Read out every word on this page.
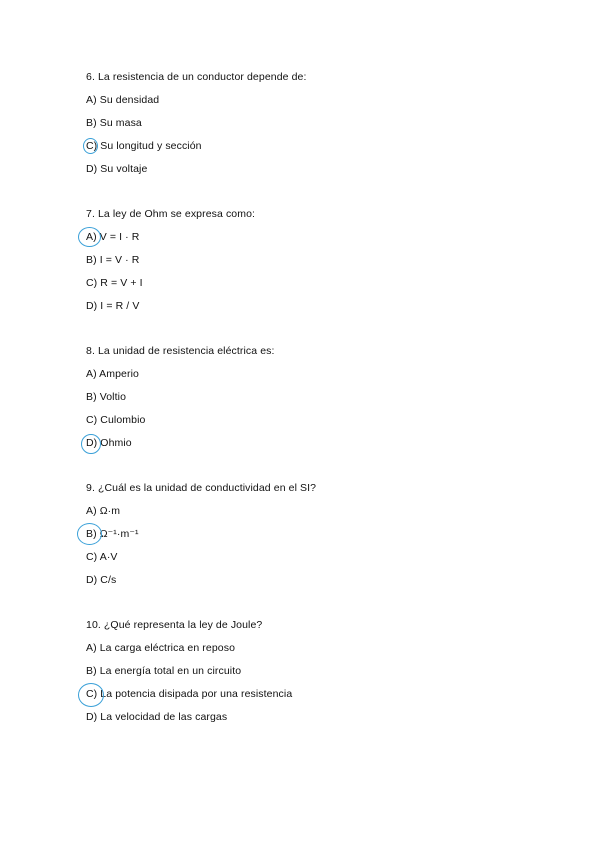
6. La resistencia de un conductor depende de:
A) Su densidad
B) Su masa
C) Su longitud y sección
D) Su voltaje
7. La ley de Ohm se expresa como:
A) V = I · R
B) I = V · R
C) R = V + I
D) I = R / V
8. La unidad de resistencia eléctrica es:
A) Amperio
B) Voltio
C) Culombio
D) Ohmio
9. ¿Cuál es la unidad de conductividad en el SI?
A) Ω·m
B) Ω⁻¹·m⁻¹
C) A·V
D) C/s
10. ¿Qué representa la ley de Joule?
A) La carga eléctrica en reposo
B) La energía total en un circuito
C) La potencia disipada por una resistencia
D) La velocidad de las cargas
